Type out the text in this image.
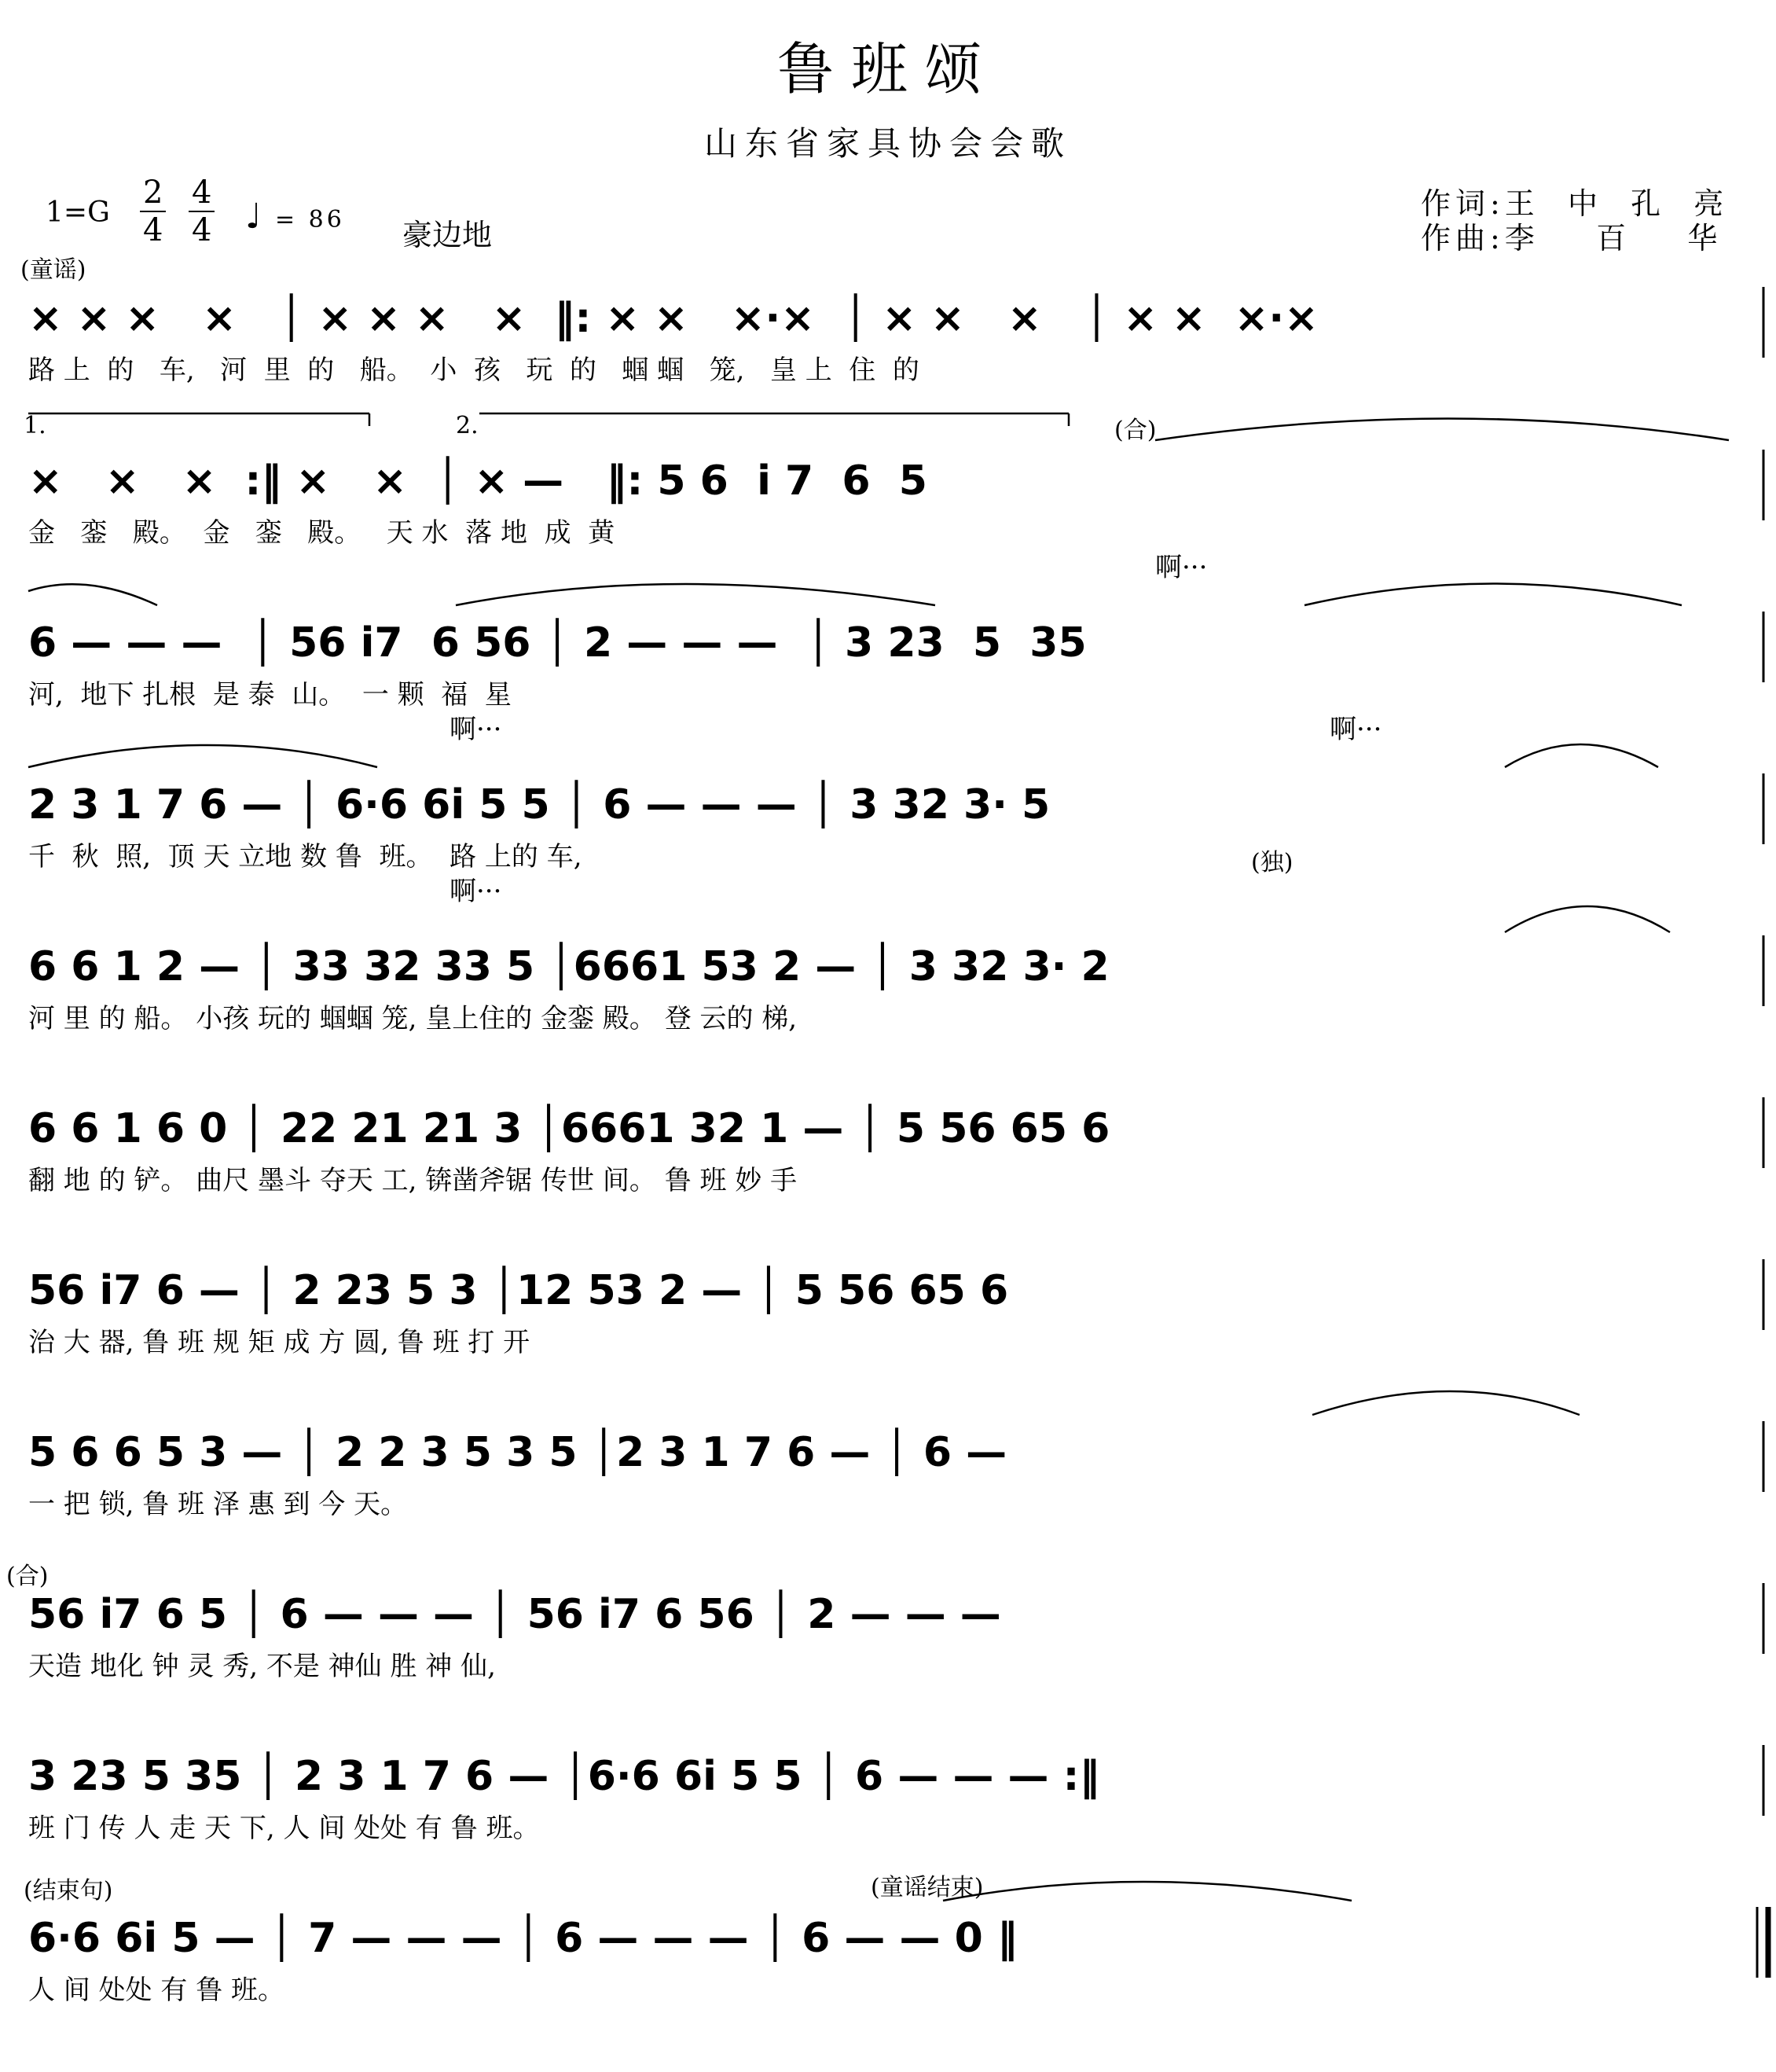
鲁班颂
山东省家具协会会歌
$1=G \frac{2}{4} \frac{4}{4}$ ♩ = 86 豪边地
作词:王  中  孔  亮
作曲:李    百    华
(童谣)
× × ×   ×   │ × × ×   ×  ‖: × ×   ×·×  │ × ×   ×   │ × ×  ×·×
路 上  的   车,   河  里  的   船。  小  孩   玩  的   蝈 蝈   笼,   皇 上  住  的
1.	2.	(合)
×   ×   ×  :‖ ×   ×  │ × —   ‖: 5 6  i 7  6  5
金   銮   殿。  金   銮   殿。   天 水  落 地  成  黄
啊···
6 — — —  │ 56 i7  6 56 │ 2 — — —  │ 3 23  5  35
河,  地下 扎根  是 泰  山。  一 颗  福  星
啊···	啊···
2 3 1 7 6 — │ 6·6 6i 5 5 │ 6 — — — │ 3 32 3· 5
千  秋  照,  顶 天 立地 数 鲁  班。  路 上的 车,	(独)
啊···
6 6 1 2 — │ 33 32 33 5 │6661 53 2 — │ 3 32 3· 2
河 里 的 船。 小孩 玩的 蝈蝈 笼, 皇上住的 金銮 殿。 登 云的 梯,
6 6 1 6 0 │ 22 21 21 3 │6661 32 1 — │ 5 56 65 6
翻 地 的 铲。 曲尺 墨斗 夺天 工, 锛凿斧锯 传世 间。 鲁 班 妙 手
56 i7 6 — │ 2 23 5 3 │12 53 2 — │ 5 56 65 6
治 大 器, 鲁 班 规 矩 成 方 圆, 鲁 班 打 开
5 6 6 5 3 — │ 2 2 3 5 3 5 │2 3 1 7 6 — │ 6 —
一 把 锁, 鲁 班 泽 惠 到 今 天。
(合)
56 i7 6 5 │ 6 — — — │ 56 i7 6 56 │ 2 — — —
天造 地化 钟 灵 秀, 不是 神仙 胜 神 仙,
3 23 5 35 │ 2 3 1 7 6 — │6·6 6i 5 5 │ 6 — — — :‖
班 门 传 人 走 天 下, 人 间 处处 有 鲁 班。
(结束句)	(童谣结束)
6·6 6i 5 — │ 7 — — — │ 6 — — — │ 6 — — 0 ‖
人 间 处处 有 鲁 班。
